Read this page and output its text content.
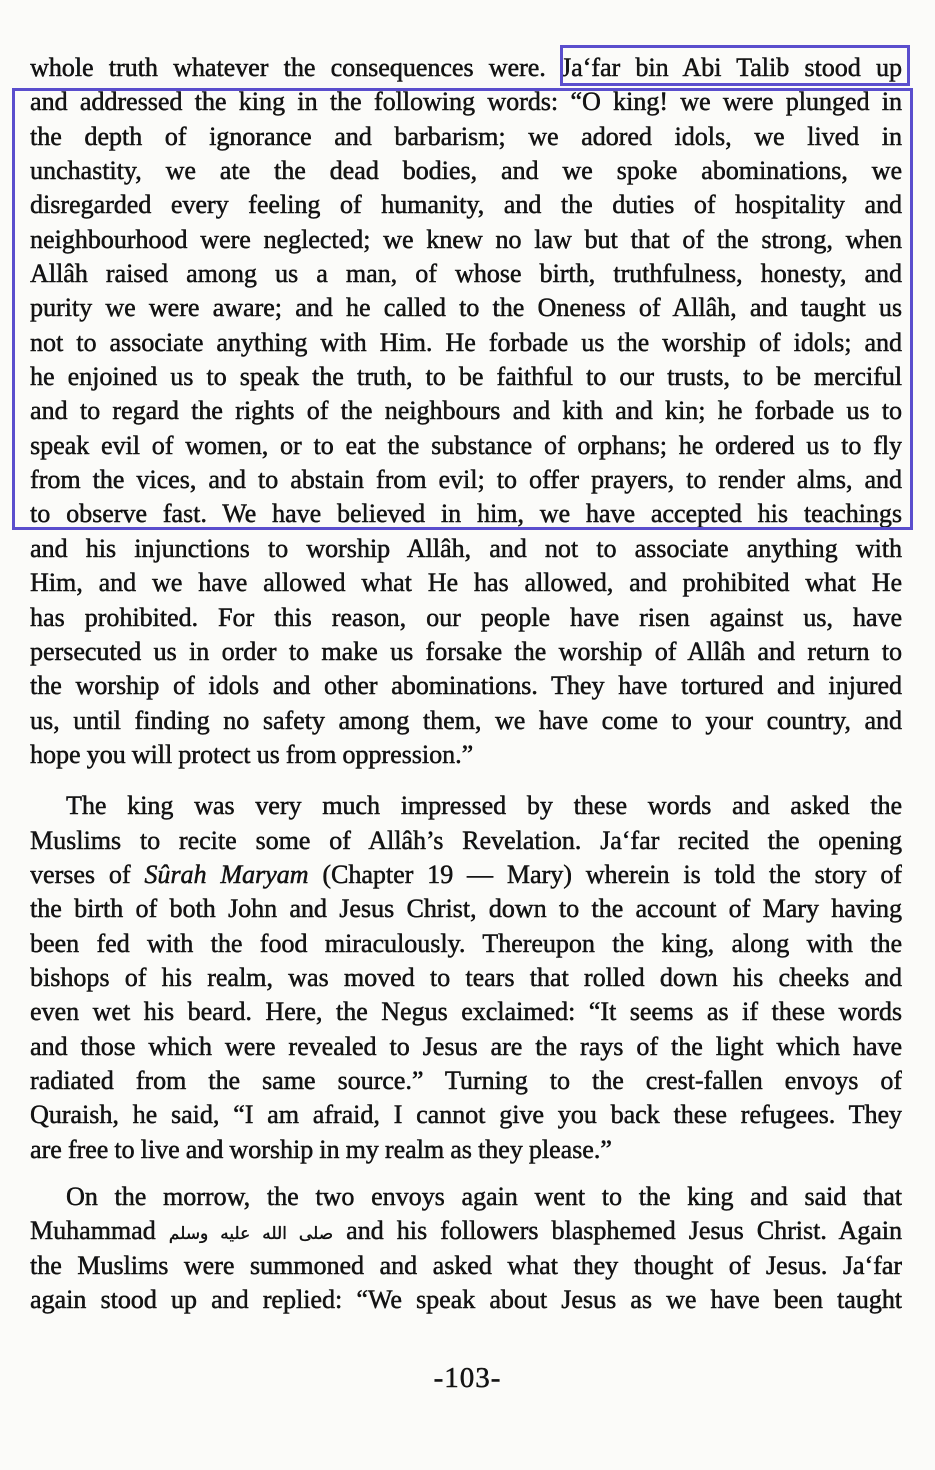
whole truth whatever the consequences were. Ja‘far bin Abi Talib stood up
and addressed the king in the following words: “O king! we were plunged in
the depth of ignorance and barbarism; we adored idols, we lived in
unchastity, we ate the dead bodies, and we spoke abominations, we
disregarded every feeling of humanity, and the duties of hospitality and
neighbourhood were neglected; we knew no law but that of the strong, when
Allâh raised among us a man, of whose birth, truthfulness, honesty, and
purity we were aware; and he called to the Oneness of Allâh, and taught us
not to associate anything with Him. He forbade us the worship of idols; and
he enjoined us to speak the truth, to be faithful to our trusts, to be merciful
and to regard the rights of the neighbours and kith and kin; he forbade us to
speak evil of women, or to eat the substance of orphans; he ordered us to fly
from the vices, and to abstain from evil; to offer prayers, to render alms, and
to observe fast. We have believed in him, we have accepted his teachings
and his injunctions to worship Allâh, and not to associate anything with
Him, and we have allowed what He has allowed, and prohibited what He
has prohibited. For this reason, our people have risen against us, have
persecuted us in order to make us forsake the worship of Allâh and return to
the worship of idols and other abominations. They have tortured and injured
us, until finding no safety among them, we have come to your country, and
hope you will protect us from oppression.”
The king was very much impressed by these words and asked the
Muslims to recite some of Allâh’s Revelation. Ja‘far recited the opening
verses of Sûrah Maryam (Chapter 19 — Mary) wherein is told the story of
the birth of both John and Jesus Christ, down to the account of Mary having
been fed with the food miraculously. Thereupon the king, along with the
bishops of his realm, was moved to tears that rolled down his cheeks and
even wet his beard. Here, the Negus exclaimed: “It seems as if these words
and those which were revealed to Jesus are the rays of the light which have
radiated from the same source.” Turning to the crest-fallen envoys of
Quraish, he said, “I am afraid, I cannot give you back these refugees. They
are free to live and worship in my realm as they please.”
On the morrow, the two envoys again went to the king and said that
Muhammad صلى الله عليه وسلم and his followers blasphemed Jesus Christ. Again
the Muslims were summoned and asked what they thought of Jesus. Ja‘far
again stood up and replied: “We speak about Jesus as we have been taught
-103-
